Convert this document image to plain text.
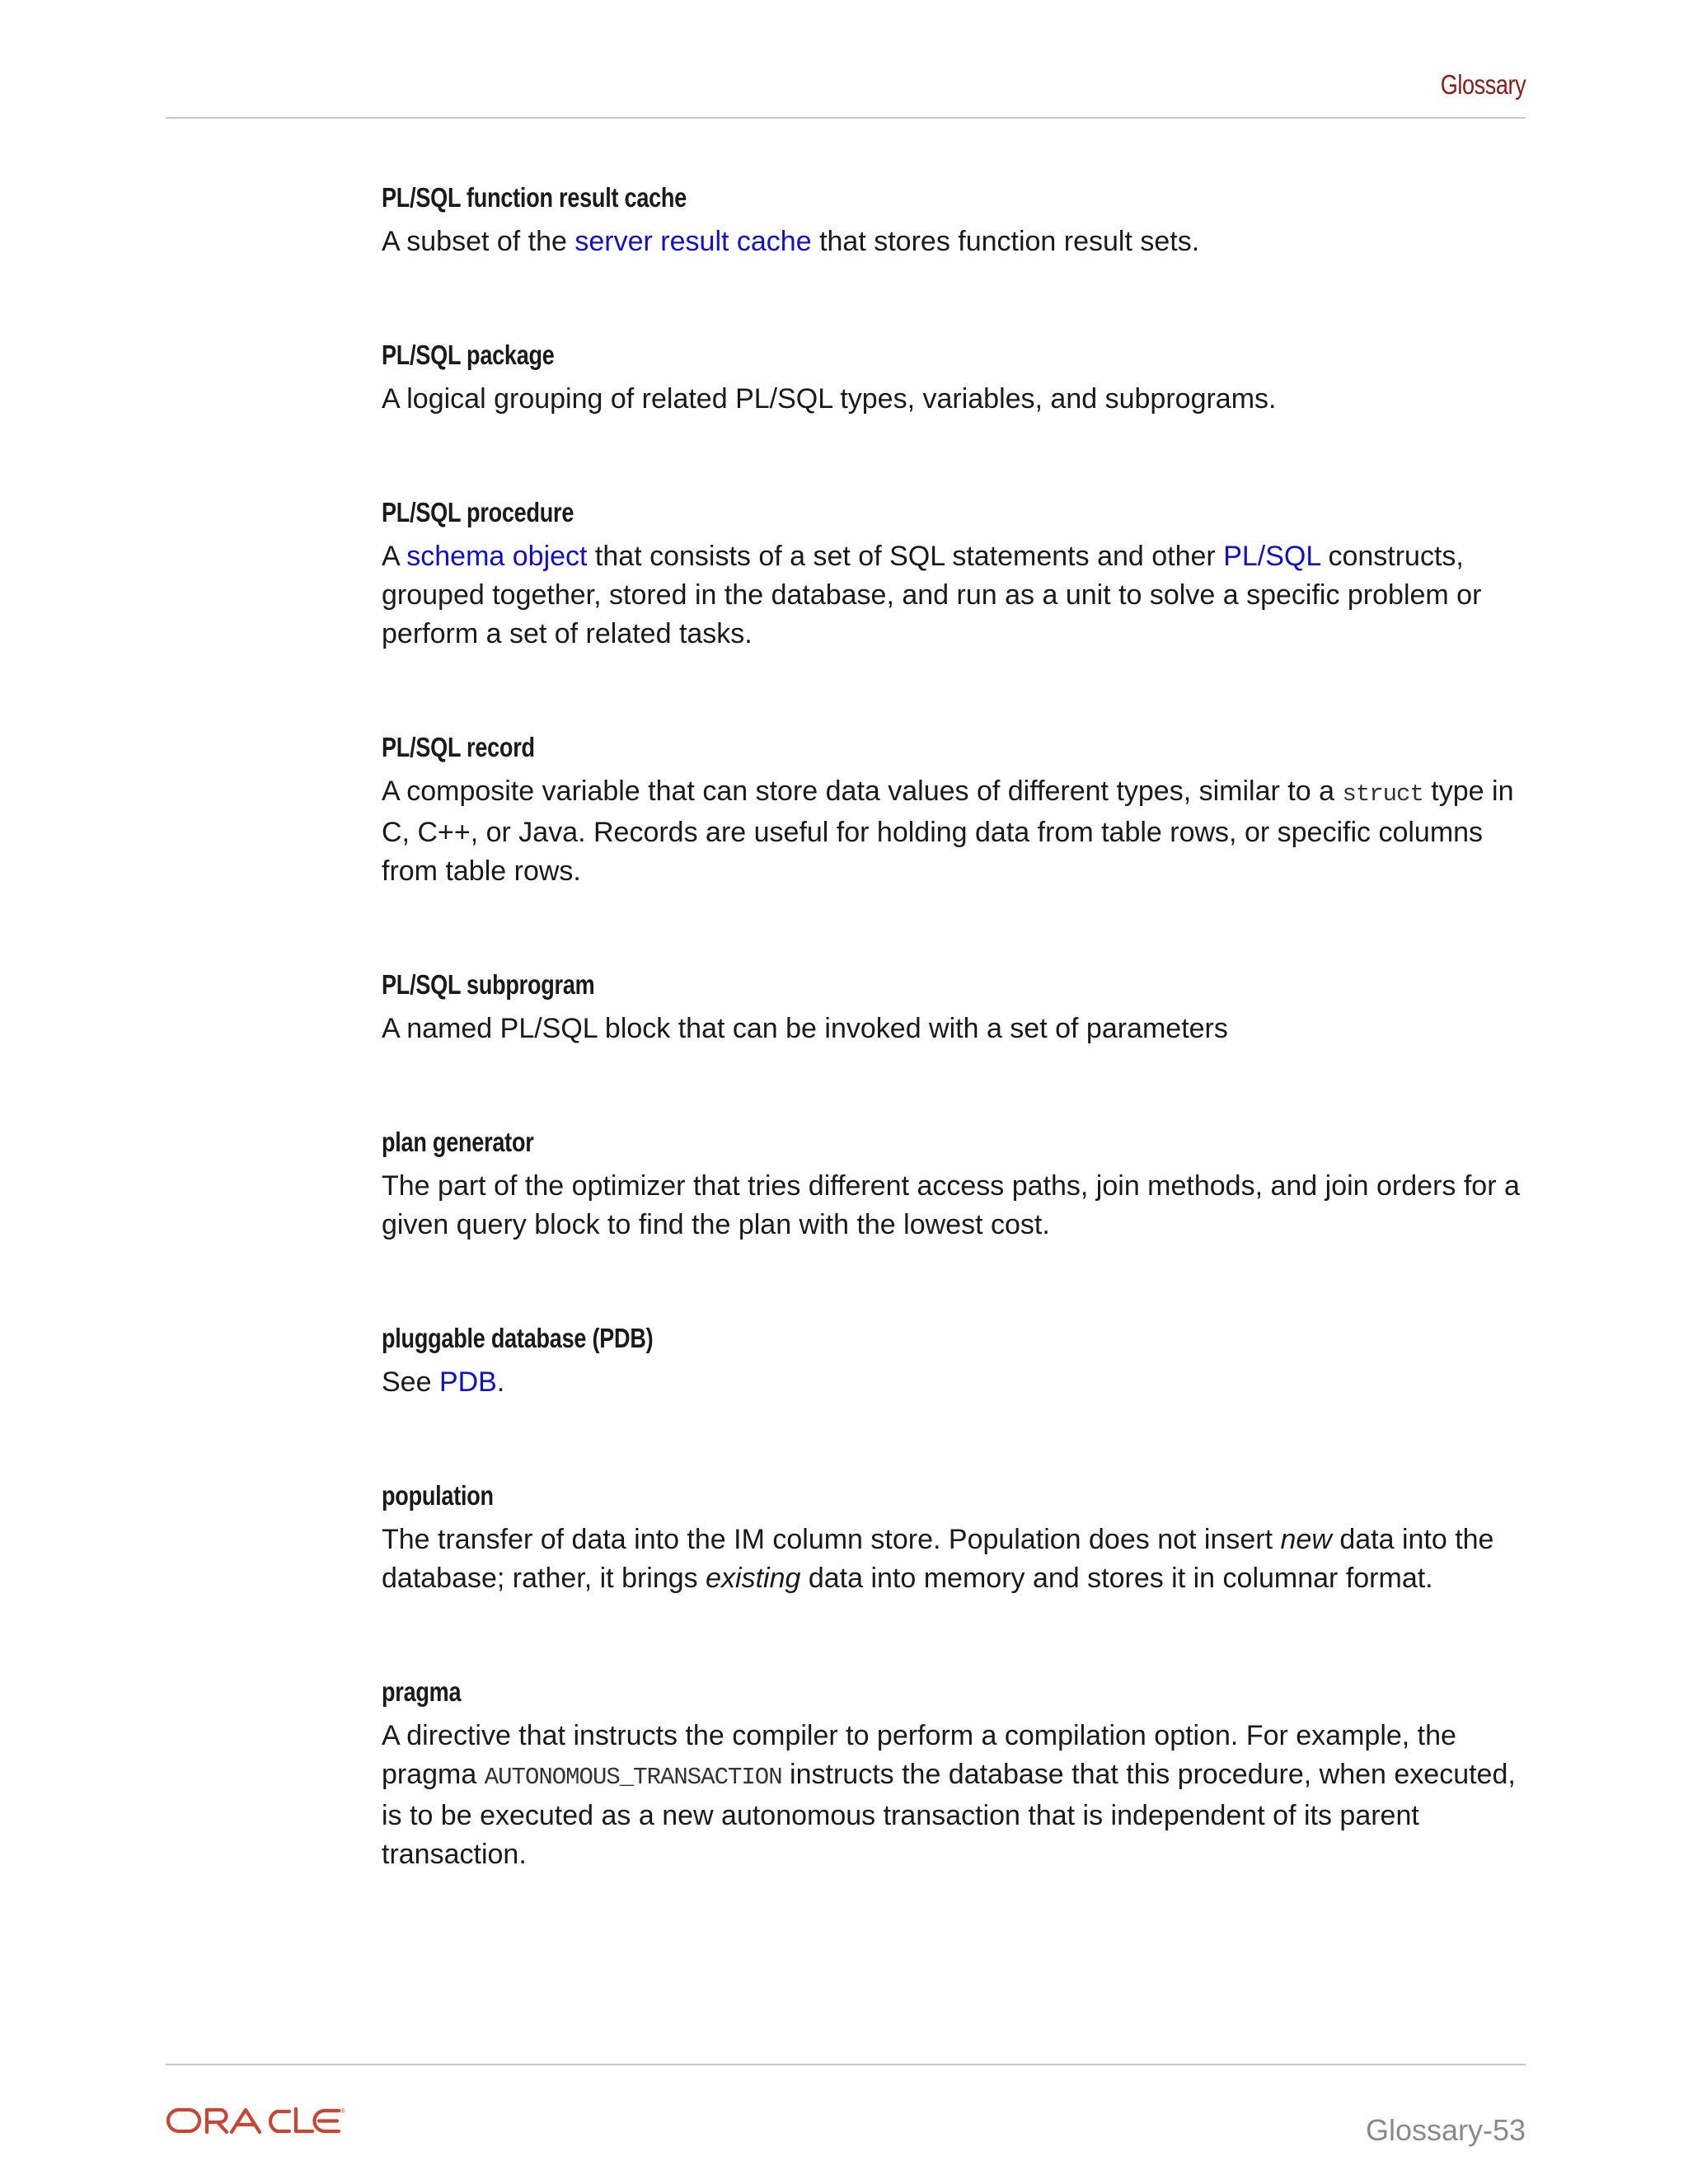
Glossary
PL/SQL function result cache

A subset of the server result cache that stores function result sets.

PL/SQL package

A logical grouping of related PL/SQL types, variables, and subprograms.

PL/SQL procedure

A schema object that consists of a set of SQL statements and other PL/SQL constructs, grouped together, stored in the database, and run as a unit to solve a specific problem or perform a set of related tasks.

PL/SQL record

A composite variable that can store data values of different types, similar to a struct type in C, C++, or Java. Records are useful for holding data from table rows, or specific columns from table rows.

PL/SQL subprogram

A named PL/SQL block that can be invoked with a set of parameters

plan generator

The part of the optimizer that tries different access paths, join methods, and join orders for a given query block to find the plan with the lowest cost.

pluggable database (PDB)

See PDB.

population

The transfer of data into the IM column store. Population does not insert new data into the database; rather, it brings existing data into memory and stores it in columnar format.

pragma

A directive that instructs the compiler to perform a compilation option. For example, the pragma AUTONOMOUS_TRANSACTION instructs the database that this procedure, when executed, is to be executed as a new autonomous transaction that is independent of its parent transaction.

®
Glossary-53
